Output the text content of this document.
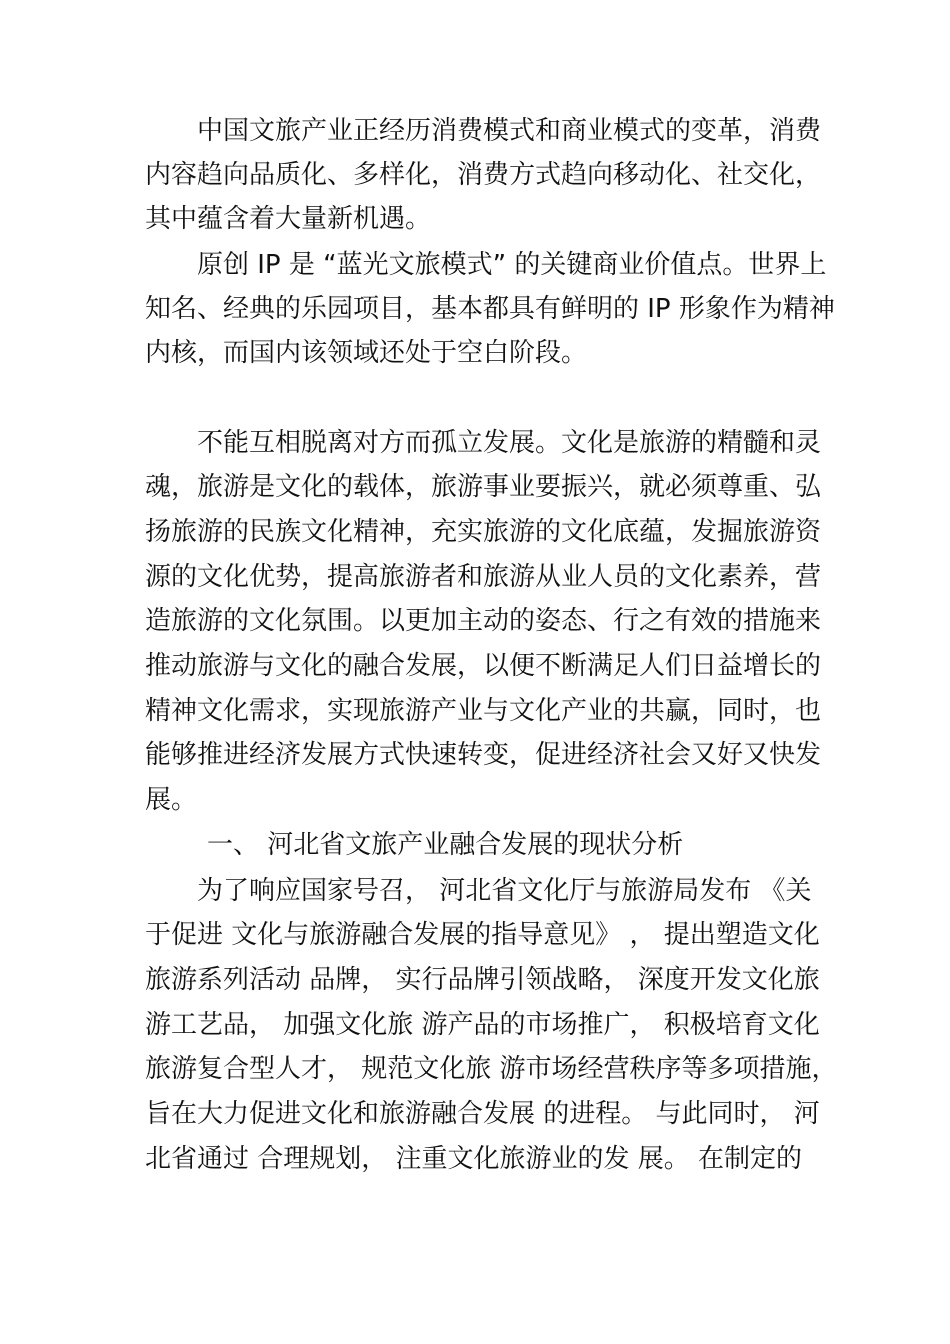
中国文旅产业正经历消费模式和商业模式的变革，消费
内容趋向品质化、多样化，消费方式趋向移动化、社交化，
其中蕴含着大量新机遇。
原创 IP 是 “蓝光文旅模式” 的关键商业价值点。世界上
知名、经典的乐园项目，基本都具有鲜明的 IP 形象作为精神
内核，而国内该领域还处于空白阶段。
不能互相脱离对方而孤立发展。文化是旅游的精髓和灵
魂，旅游是文化的载体，旅游事业要振兴，就必须尊重、弘
扬旅游的民族文化精神，充实旅游的文化底蕴，发掘旅游资
源的文化优势，提高旅游者和旅游从业人员的文化素养，营
造旅游的文化氛围。以更加主动的姿态、行之有效的措施来
推动旅游与文化的融合发展，以便不断满足人们日益增长的
精神文化需求，实现旅游产业与文化产业的共赢，同时，也
能够推进经济发展方式快速转变，促进经济社会又好又快发
展。
一、 河北省文旅产业融合发展的现状分析
为了响应国家号召， 河北省文化厅与旅游局发布 《关
于促进 文化与旅游融合发展的指导意见》 ， 提出塑造文化
旅游系列活动 品牌， 实行品牌引领战略， 深度开发文化旅
游工艺品， 加强文化旅 游产品的市场推广， 积极培育文化
旅游复合型人才， 规范文化旅 游市场经营秩序等多项措施，
旨在大力促进文化和旅游融合发展 的进程。 与此同时， 河
北省通过 合理规划， 注重文化旅游业的发 展。 在制定的
